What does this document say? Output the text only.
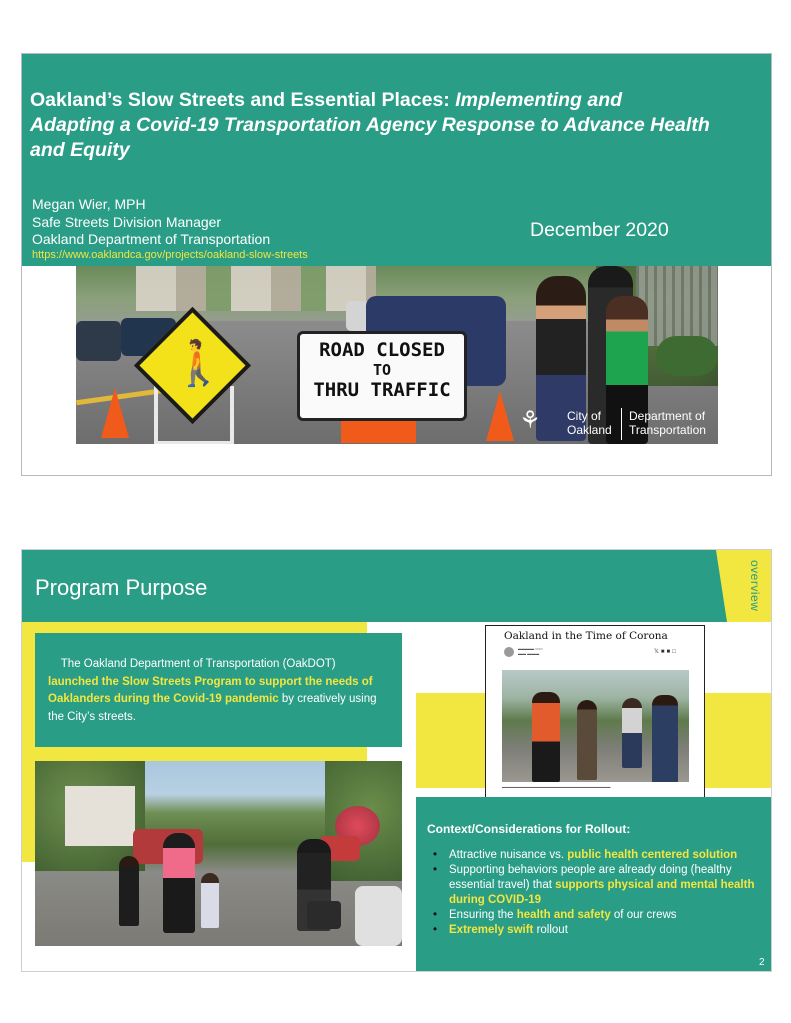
Oakland’s Slow Streets and Essential Places: Implementing and Adapting a Covid-19 Transportation Agency Response to Advance Health and Equity
Megan Wier, MPH
Safe Streets Division Manager
Oakland Department of Transportation
https://www.oaklandca.gov/projects/oakland-slow-streets
December 2020
🚶	ROAD CLOSED
TO
THRU TRAFFIC
⚘	City of Oakland
Department of Transportation
Program Purpose	overview
The Oakland Department of Transportation (OakDOT) launched the Slow Streets Program to support the needs of Oaklanders during the Covid-19 pandemic by creatively using the City’s streets.
Oakland in the Time of Corona
▬▬▬▬ ▭▭
▬▬ ▬▬▬	𝕏■■□
▬▬▬▬▬▬▬▬▬▬▬▬▬▬▬▬▬▬▬▬▬▬▬▬▬▬▬▬▬▬▬
Context/Considerations for Rollout:
• Attractive nuisance vs. public health centered solution
• Supporting behaviors people are already doing (healthy essential travel) that supports physical and mental health during COVID-19
• Ensuring the health and safety of our crews
• Extremely swift rollout
2
